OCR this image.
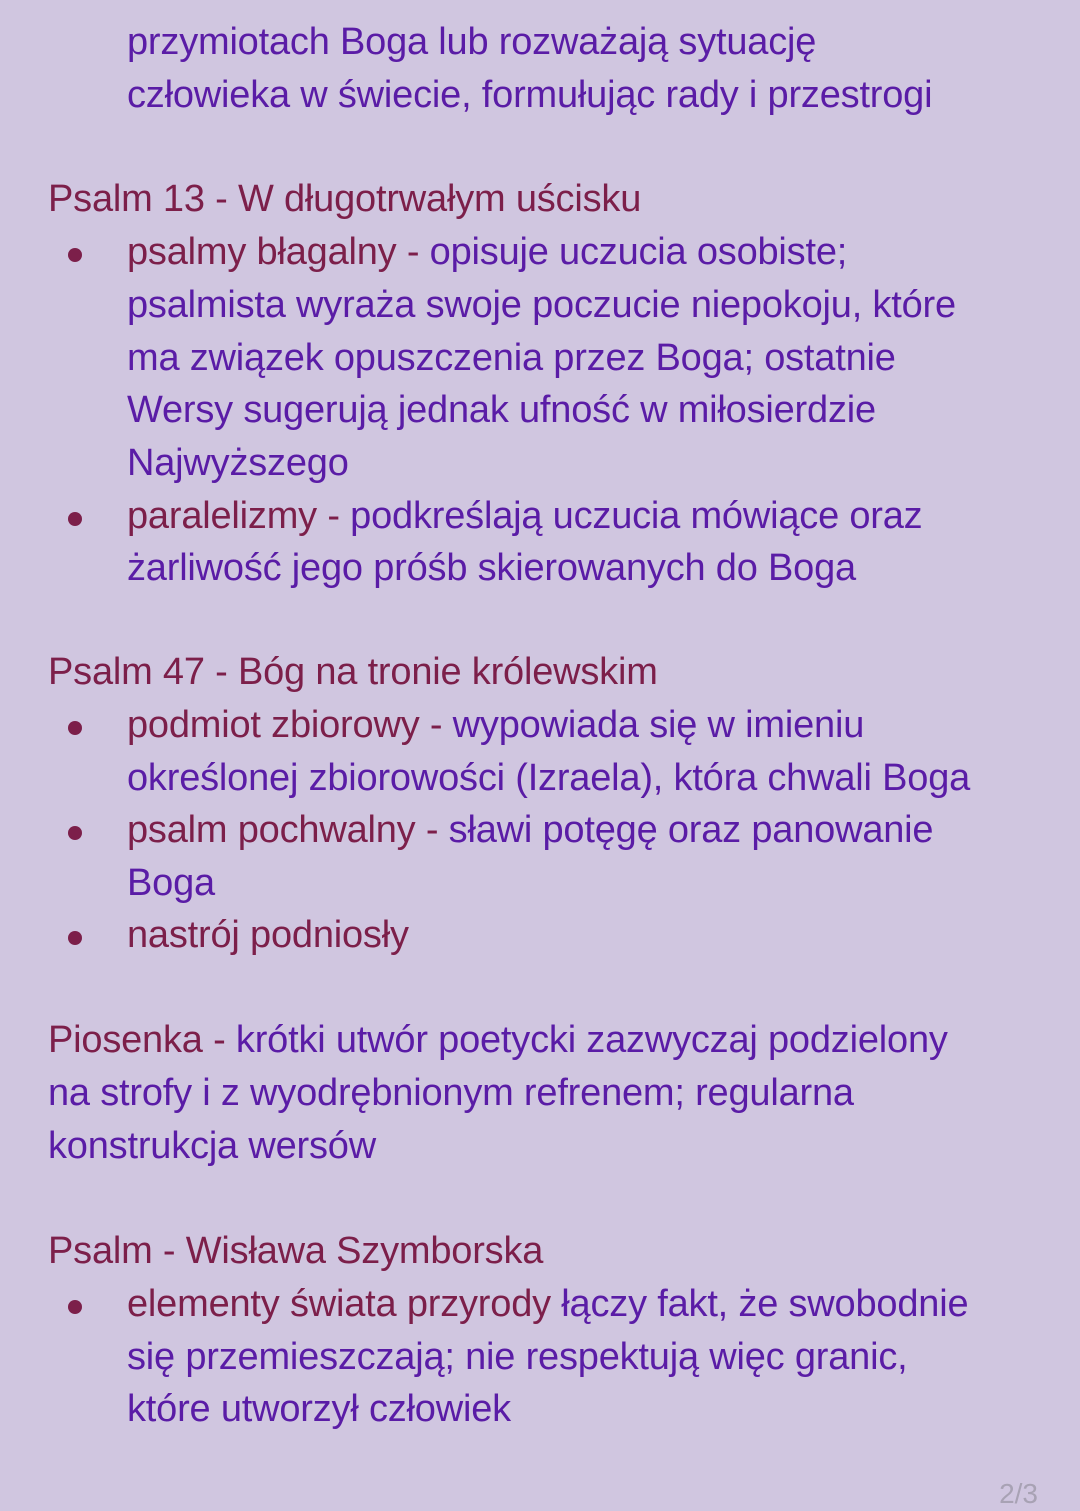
przymiotach Boga lub rozważają sytuację
człowieka w świecie, formułując rady i przestrogi
Psalm 13 - W długotrwałym uścisku
psalmy błagalny - opisuje uczucia osobiste;
psalmista wyraża swoje poczucie niepokoju, które
ma związek opuszczenia przez Boga; ostatnie
Wersy sugerują jednak ufność w miłosierdzie
Najwyższego
paralelizmy - podkreślają uczucia mówiące oraz
żarliwość jego próśb skierowanych do Boga
Psalm 47 - Bóg na tronie królewskim
podmiot zbiorowy - wypowiada się w imieniu
określonej zbiorowości (Izraela), która chwali Boga
psalm pochwalny - sławi potęgę oraz panowanie
Boga
nastrój podniosły
Piosenka - krótki utwór poetycki zazwyczaj podzielony
na strofy i z wyodrębnionym refrenem; regularna
konstrukcja wersów
Psalm - Wisława Szymborska
elementy świata przyrody łączy fakt, że swobodnie
się przemieszczają; nie respektują więc granic,
które utworzył człowiek
2/3
